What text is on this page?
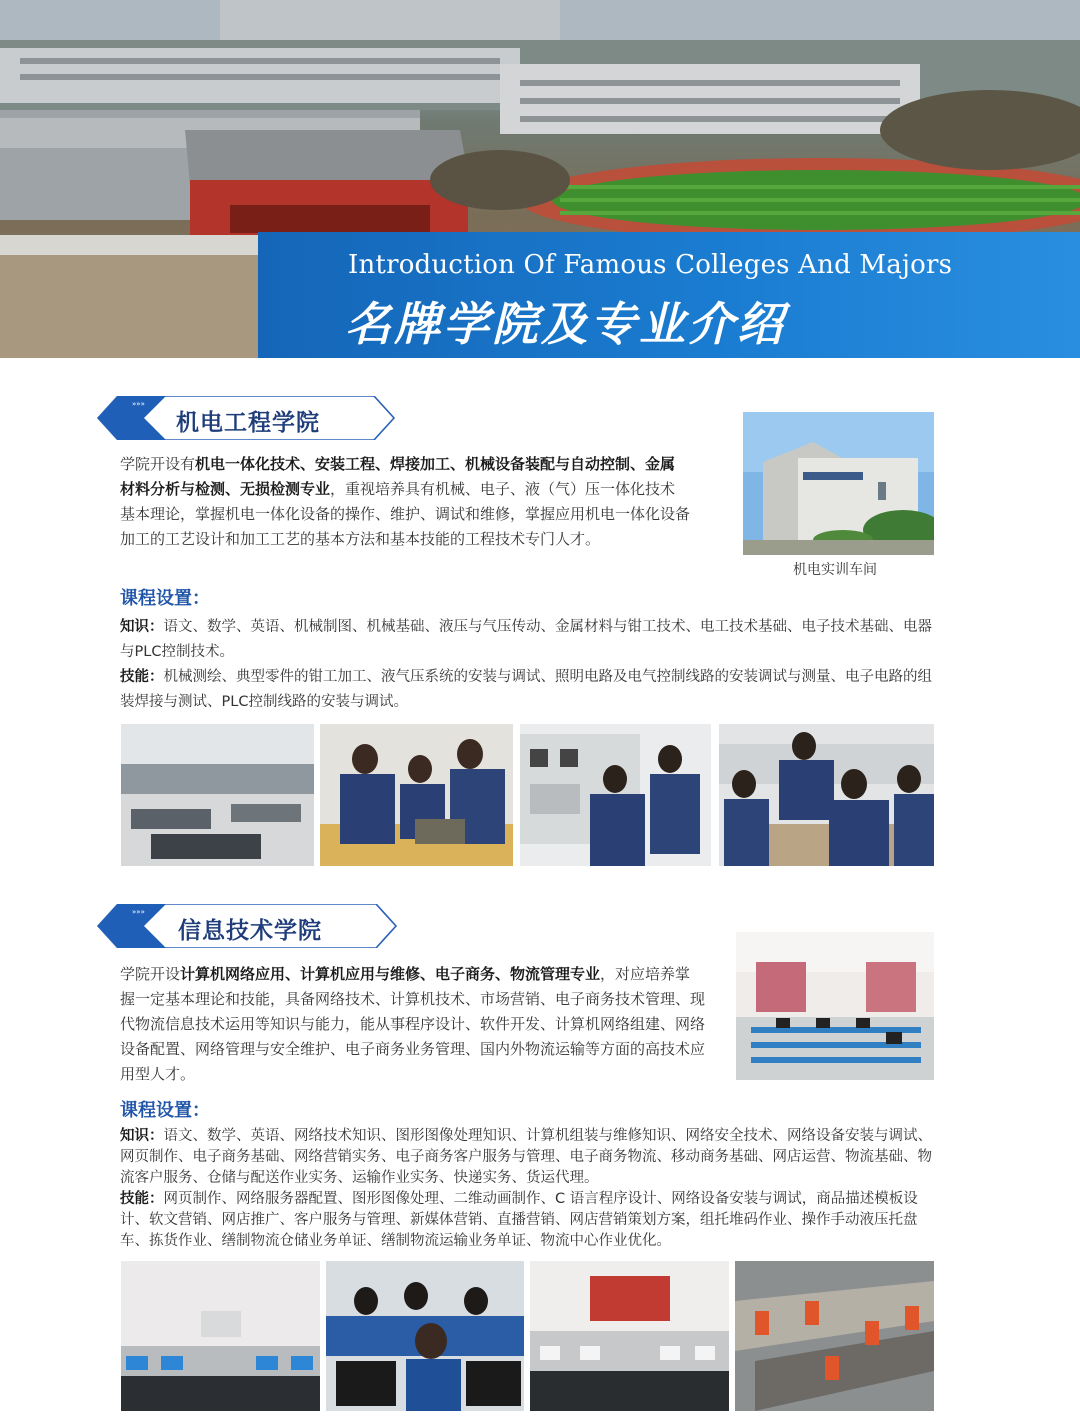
Introduction Of Famous Colleges And Majors
名牌学院及专业介绍
»»»
机电工程学院
学院开设有机电一体化技术、安装工程、焊接加工、机械设备装配与自动控制、金属材料分析与检测、无损检测专业，重视培养具有机械、电子、液（气）压一体化技术基本理论，掌握机电一体化设备的操作、维护、调试和维修，掌握应用机电一体化设备加工的工艺设计和加工工艺的基本方法和基本技能的工程技术专门人才。
机电实训车间
课程设置：
知识：语文、数学、英语、机械制图、机械基础、液压与气压传动、金属材料与钳工技术、电工技术基础、电子技术基础、电器与PLC控制技术。
技能：机械测绘、典型零件的钳工加工、液气压系统的安装与调试、照明电路及电气控制线路的安装调试与测量、电子电路的组装焊接与测试、PLC控制线路的安装与调试。
»»»
信息技术学院
学院开设计算机网络应用、计算机应用与维修、电子商务、物流管理专业，对应培养掌握一定基本理论和技能，具备网络技术、计算机技术、市场营销、电子商务技术管理、现代物流信息技术运用等知识与能力，能从事程序设计、软件开发、计算机网络组建、网络设备配置、网络管理与安全维护、电子商务业务管理、国内外物流运输等方面的高技术应用型人才。
课程设置：
知识：语文、数学、英语、网络技术知识、图形图像处理知识、计算机组装与维修知识、网络安全技术、网络设备安装与调试、网页制作、电子商务基础、网络营销实务、电子商务客户服务与管理、电子商务物流、移动商务基础、网店运营、物流基础、物流客户服务、仓储与配送作业实务、运输作业实务、快递实务、货运代理。
技能：网页制作、网络服务器配置、图形图像处理、二维动画制作、C 语言程序设计、网络设备安装与调试，商品描述模板设计、软文营销、网店推广、客户服务与管理、新媒体营销、直播营销、网店营销策划方案，组托堆码作业、操作手动液压托盘车、拣货作业、缮制物流仓储业务单证、缮制物流运输业务单证、物流中心作业优化。
